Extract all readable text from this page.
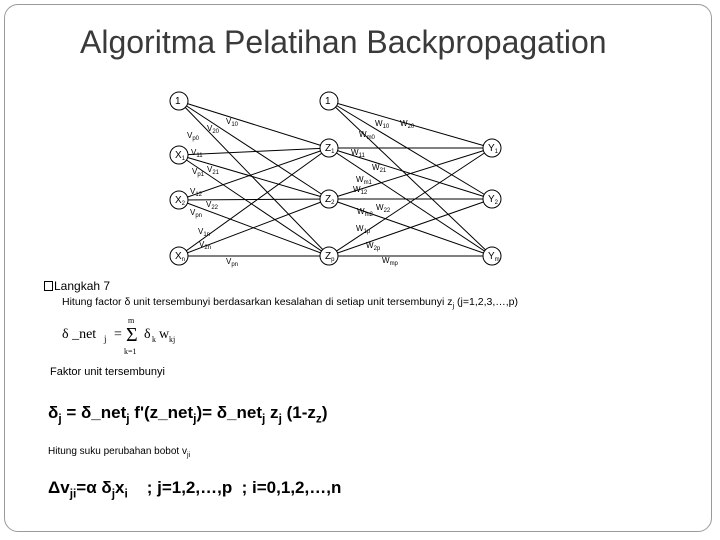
Algoritma Pelatihan Backpropagation
1	1
$X_1$
$X_2$
$X_n$
$Z_1$
$Z_2$
$Z_p$
$Y_1$
$Y_2$
$Y_m$
$V_{10}$
$V_{20}$
$V_{p0}$
$V_{11}$
$V_{p1}$
$V_{21}$
$V_{12}$
$V_{22}$
$V_{pn}$
$V_{1n}$
$V_{2n}$
$V_{pn}$
$W_{10}$ $W_{20}$
$W_{m0}$
$W_{11}$
$W_{21}$
$W_{m1}$
$W_{12}$
$W_{22}$
$W_{m2}$
$W_{1p}$
$W_{2p}$
$W_{mp}$
Langkah 7
Hitung factor δ unit tersembunyi berdasarkan kesalahan di setiap unit tersembunyi $z_j$ (j=1,2,3,…,p)
δ _net j =
m
Σ
k=1
δ k w kj
Faktor unit tersembunyi
$\delta_j$ = δ_net$_j$ f'(z_net$_j$)= δ_net$_j$ $z_j$ $(1-z_z)$
Hitung suku perubahan bobot $v_{ji}$
$\Delta v_{ji}=\alpha$ $\delta_jx_i$    ; j=1,2,…,p  ; i=0,1,2,…,n
